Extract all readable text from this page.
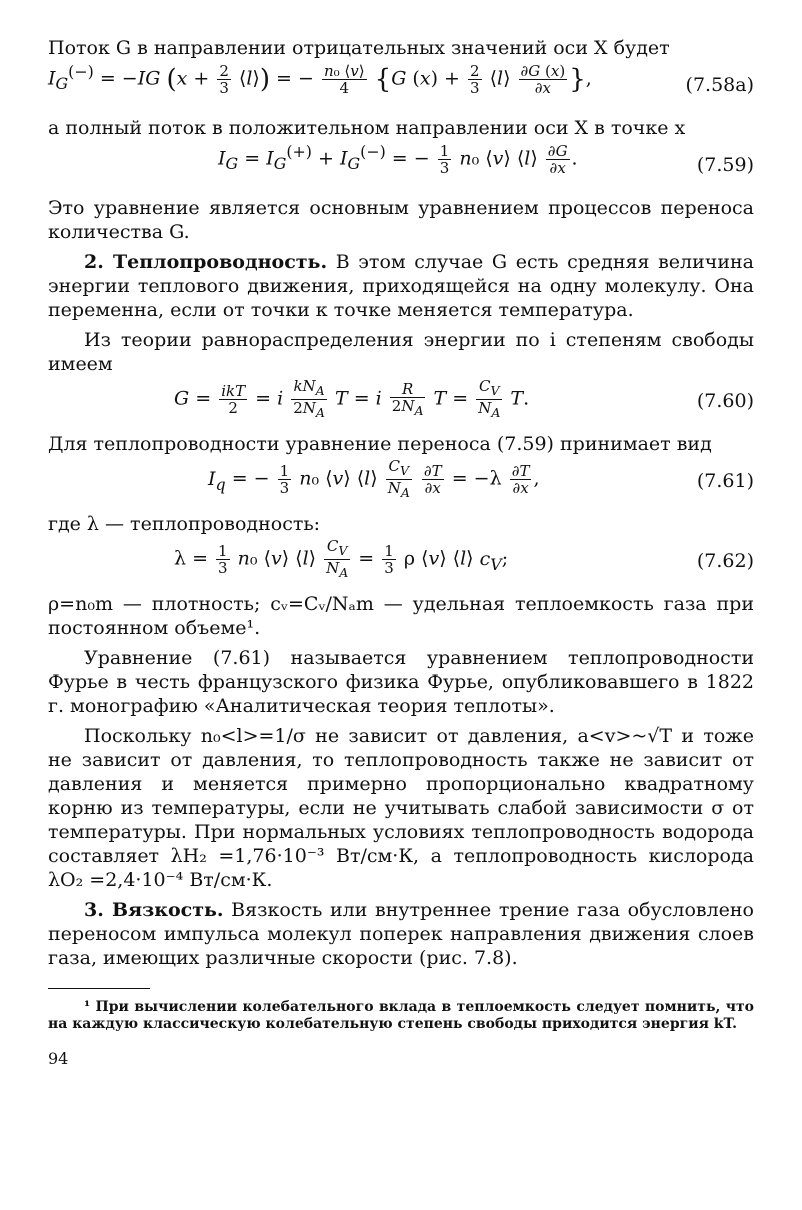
Поток G в направлении отрицательных значений оси X будет

$I_G^{(-)} = -IG$ ($x + \frac{2}{3}$ ⟨l⟩) = − $\frac{\text{n₀ ⟨v⟩}}{4} \{G$ $(x) + \frac{2}{3}$ ⟨l⟩ $\frac{\partial G (x)}{\partial x}$ },	(7.58a)

а полный поток в положительном направлении оси X в точке x

$I_G = I_G^{(+)} + I_G^{(-)}$ = − $\frac{1}{3} n_0$ ⟨v⟩ ⟨l⟩ $\frac{\partial G}{\partial x}$ .	(7.59)

Это уравнение является основным уравнением процессов переноса количества G.

2. Теплопроводность. В этом случае G есть средняя величина энергии теплового движения, приходящейся на одну молекулу. Она переменна, если от точки к точке меняется температура.

Из теории равнораспределения энергии по i степеням свободы имеем

$G = \frac{\text{ikT}}{2} = i \frac{kN_A}{2N_A}$ T = i $\frac{R}{2N_A}$ $T = \frac{C_V}{N_A} T$.	(7.60)

Для теплопроводности уравнение переноса (7.59) принимает вид

$I_q$ = − $\frac{1}{3} n_0$ ⟨v⟩ ⟨l⟩ $\frac{C_V}{N_A}$
$\frac{\partial T}{\partial x} = -\lambda \frac{\partial T}{\partial x}$ ,	(7.61)

где λ — теплопроводность:

$\lambda = \frac{1}{3} n_0$ ⟨v⟩ ⟨l⟩ $\frac{C_V}{N_A} = \frac{1}{3}$ ρ ⟨v⟩ ⟨l⟩ $c_V$;	(7.62)

ρ=n₀m — плотность; cᵥ=Cᵥ/Nₐm — удельная теплоемкость газа при постоянном объеме¹.

Уравнение (7.61) называется уравнением теплопроводности Фурье в честь французского физика Фурье, опубликовавшего в 1822 г. монографию «Аналитическая теория теплоты».

Поскольку n₀<l>=1/σ не зависит от давления, а<v>~√T и тоже не зависит от давления, то теплопроводность также не зависит от давления и меняется примерно пропорционально квадратному корню из температуры, если не учитывать слабой зависимости σ от температуры. При нормальных условиях теплопроводность водорода составляет λH₂ =1,76·10⁻³ Вт/см·К, а теплопроводность кислорода λO₂ =2,4·10⁻⁴ Вт/см·К.

3. Вязкость. Вязкость или внутреннее трение газа обусловлено переносом импульса молекул поперек направления движения слоев газа, имеющих различные скорости (рис. 7.8).

¹ При вычислении колебательного вклада в теплоемкость следует помнить, что на каждую классическую колебательную степень свободы приходится энергия kT.

94
